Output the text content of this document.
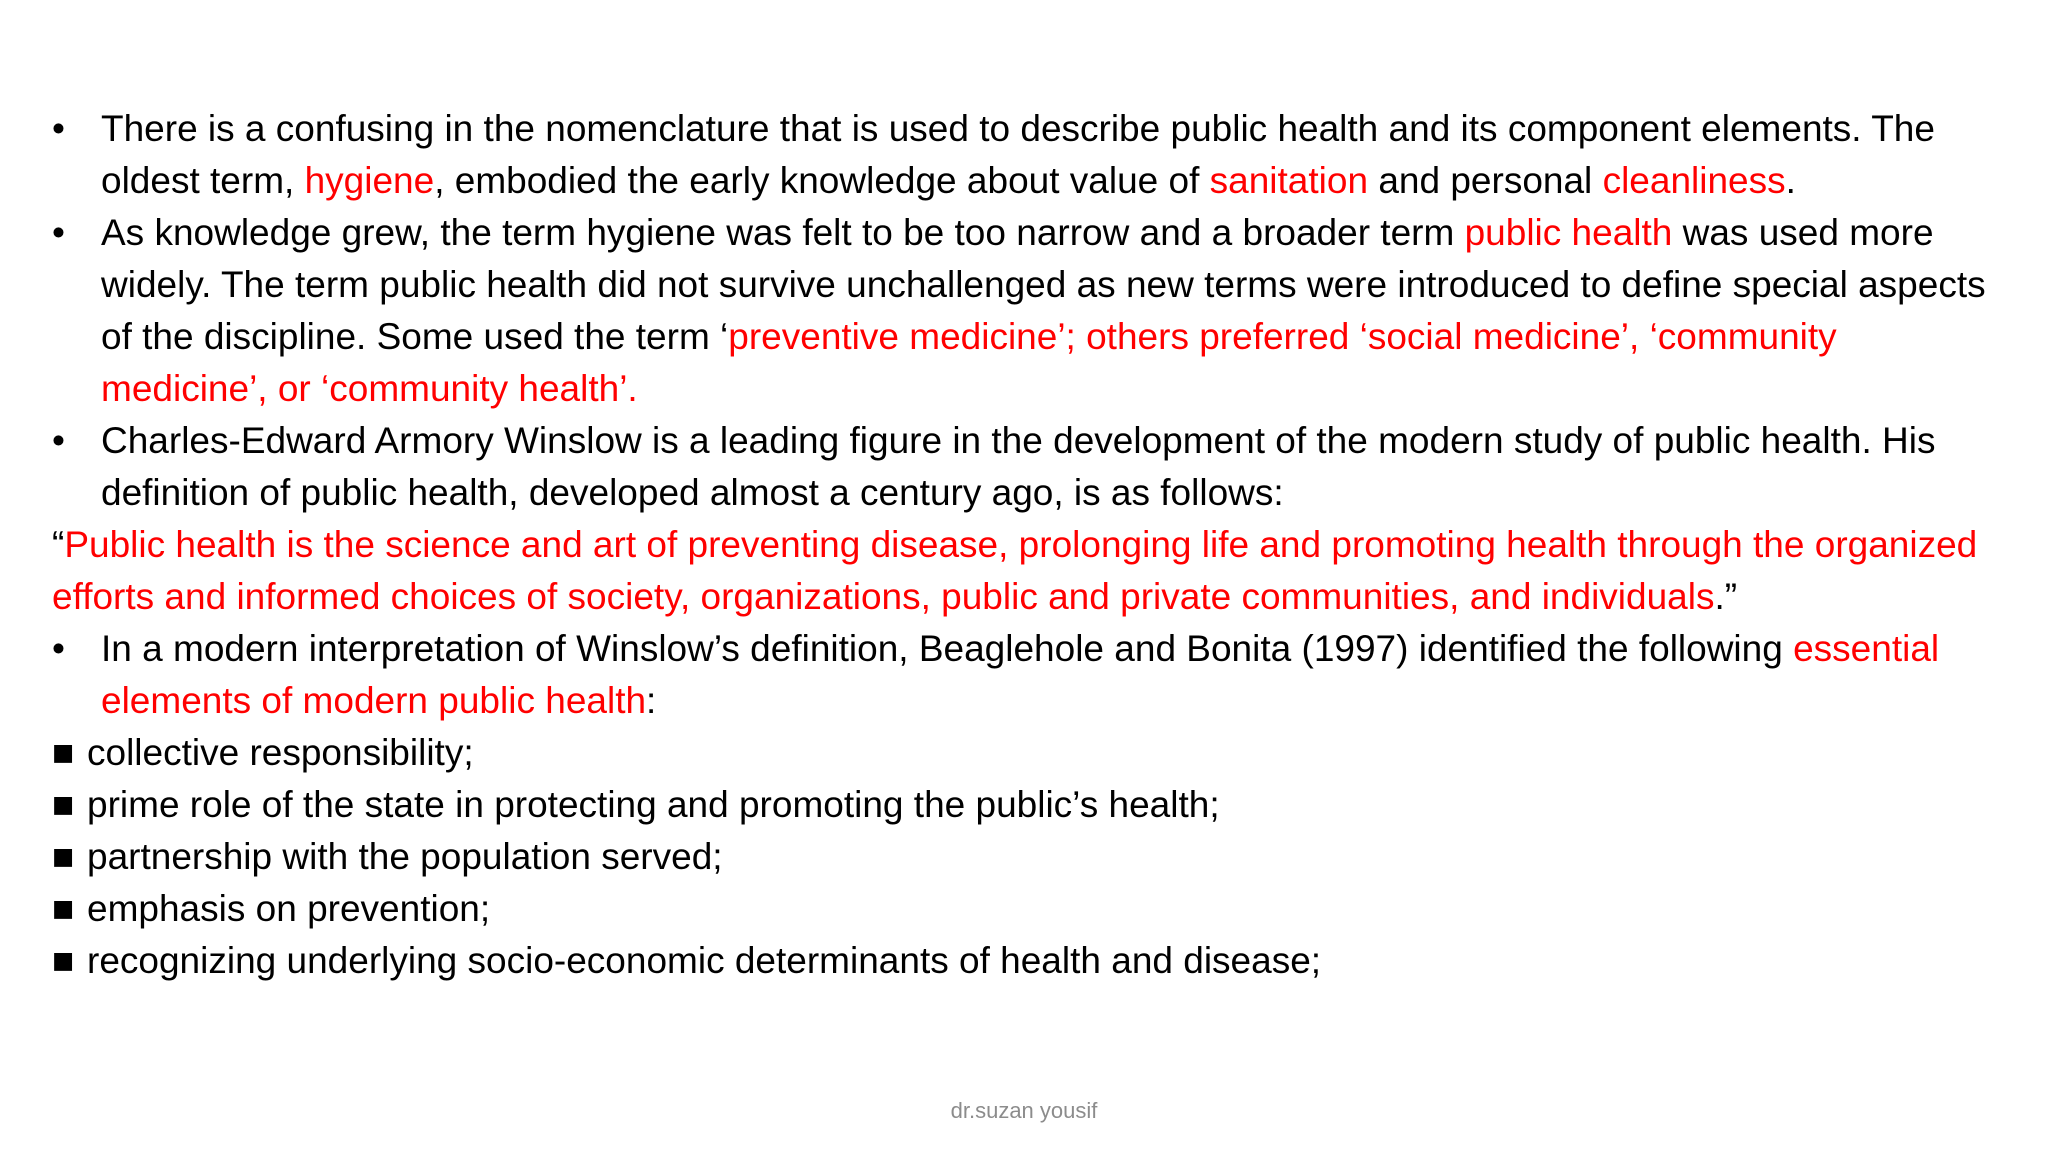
• There is a confusing in the nomenclature that is used to describe public health and its component elements. The oldest term, hygiene, embodied the early knowledge about value of sanitation and personal cleanliness.
• As knowledge grew, the term hygiene was felt to be too narrow and a broader term public health was used more widely. The term public health did not survive unchallenged as new terms were introduced to define special aspects of the discipline. Some used the term ‘preventive medicine’; others preferred ‘social medicine’, ‘community medicine’, or ‘community health’.
• Charles-Edward Armory Winslow is a leading figure in the development of the modern study of public health. His definition of public health, developed almost a century ago, is as follows:
“Public health is the science and art of preventing disease, prolonging life and promoting health through the organized efforts and informed choices of society, organizations, public and private communities, and individuals.”
• In a modern interpretation of Winslow’s definition, Beaglehole and Bonita (1997) identified the following essential elements of modern public health:
■ collective responsibility;
■ prime role of the state in protecting and promoting the public’s health;
■ partnership with the population served;
■ emphasis on prevention;
■ recognizing underlying socio-economic determinants of health and disease;
dr.suzan yousif
